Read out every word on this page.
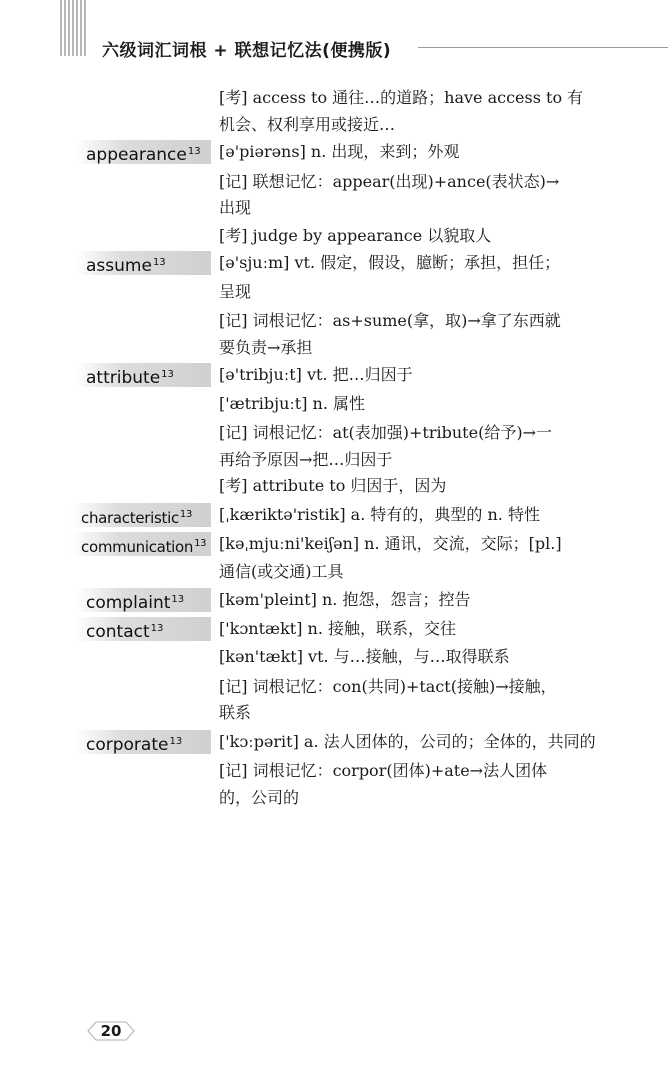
六级词汇词根 + 联想记忆法(便携版)
[考] access to 通往…的道路；have access to 有
机会、权利享用或接近…
appearance$^{13}$	[ə'piərəns] n. 出现，来到；外观
[记] 联想记忆：appear(出现)+ance(表状态)→
出现
[考] judge by appearance 以貌取人
assume$^{13}$	[ə'sjuːm] vt. 假定，假设，臆断；承担，担任；
呈现
[记] 词根记忆：as+sume(拿，取)→拿了东西就
要负责→承担
attribute$^{13}$	[ə'tribjuːt] vt. 把…归因于
['ætribjuːt] n. 属性
[记] 词根记忆：at(表加强)+tribute(给予)→一
再给予原因→把…归因于
[考] attribute to 归因于，因为
characteristic$^{13}$	[ˌkæriktə'ristik] a. 特有的，典型的 n. 特性
communication$^{13}$ [kəˌmjuːni'keiʃən] n. 通讯，交流，交际；[pl.]
通信(或交通)工具
complaint$^{13}$	[kəm'pleint] n. 抱怨，怨言；控告
contact$^{13}$	['kɔntækt] n. 接触，联系，交往
[kən'tækt] vt. 与…接触，与…取得联系
[记] 词根记忆：con(共同)+tact(接触)→接触，
联系
corporate$^{13}$	['kɔːpərit] a. 法人团体的，公司的；全体的，共同的
[记] 词根记忆：corpor(团体)+ate→法人团体
的，公司的
20
